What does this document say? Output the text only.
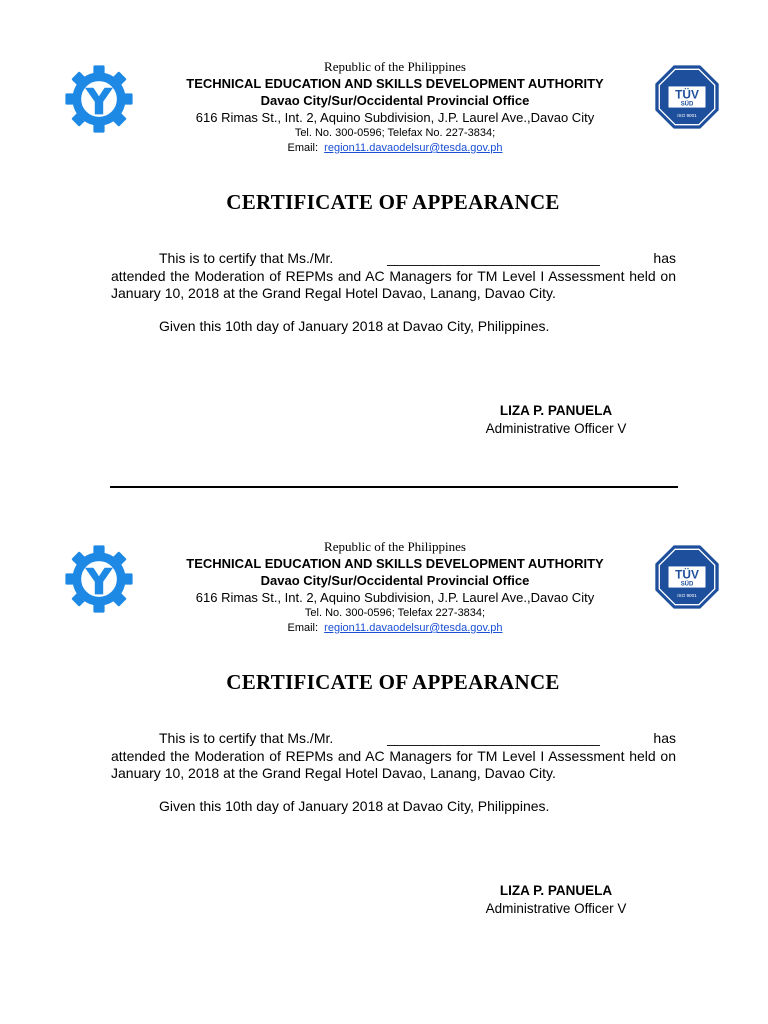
TÜV
SÜD
ISO 9001
Republic of the Philippines
TECHNICAL EDUCATION AND SKILLS DEVELOPMENT AUTHORITY
Davao City/Sur/Occidental Provincial Office
616 Rimas St., Int. 2, Aquino Subdivision, J.P. Laurel Ave.,Davao City
Tel. No. 300-0596; Telefax No. 227-3834;
Email: region11.davaodelsur@tesda.gov.ph
CERTIFICATE OF APPEARANCE

This is to certify that Ms./Mr.	____________________________	has

attended the Moderation of REPMs and AC Managers for TM Level I Assessment held on January 10, 2018 at the Grand Regal Hotel Davao, Lanang, Davao City.

Given this 10th day of January 2018 at Davao City, Philippines.

LIZA P. PANUELA
Administrative Officer V
TÜV
SÜD
ISO 9001
Republic of the Philippines
TECHNICAL EDUCATION AND SKILLS DEVELOPMENT AUTHORITY
Davao City/Sur/Occidental Provincial Office
616 Rimas St., Int. 2, Aquino Subdivision, J.P. Laurel Ave.,Davao City
Tel. No. 300-0596; Telefax 227-3834;
Email: region11.davaodelsur@tesda.gov.ph
CERTIFICATE OF APPEARANCE

This is to certify that Ms./Mr.	____________________________	has

attended the Moderation of REPMs and AC Managers for TM Level I Assessment held on January 10, 2018 at the Grand Regal Hotel Davao, Lanang, Davao City.

Given this 10th day of January 2018 at Davao City, Philippines.

LIZA P. PANUELA
Administrative Officer V
